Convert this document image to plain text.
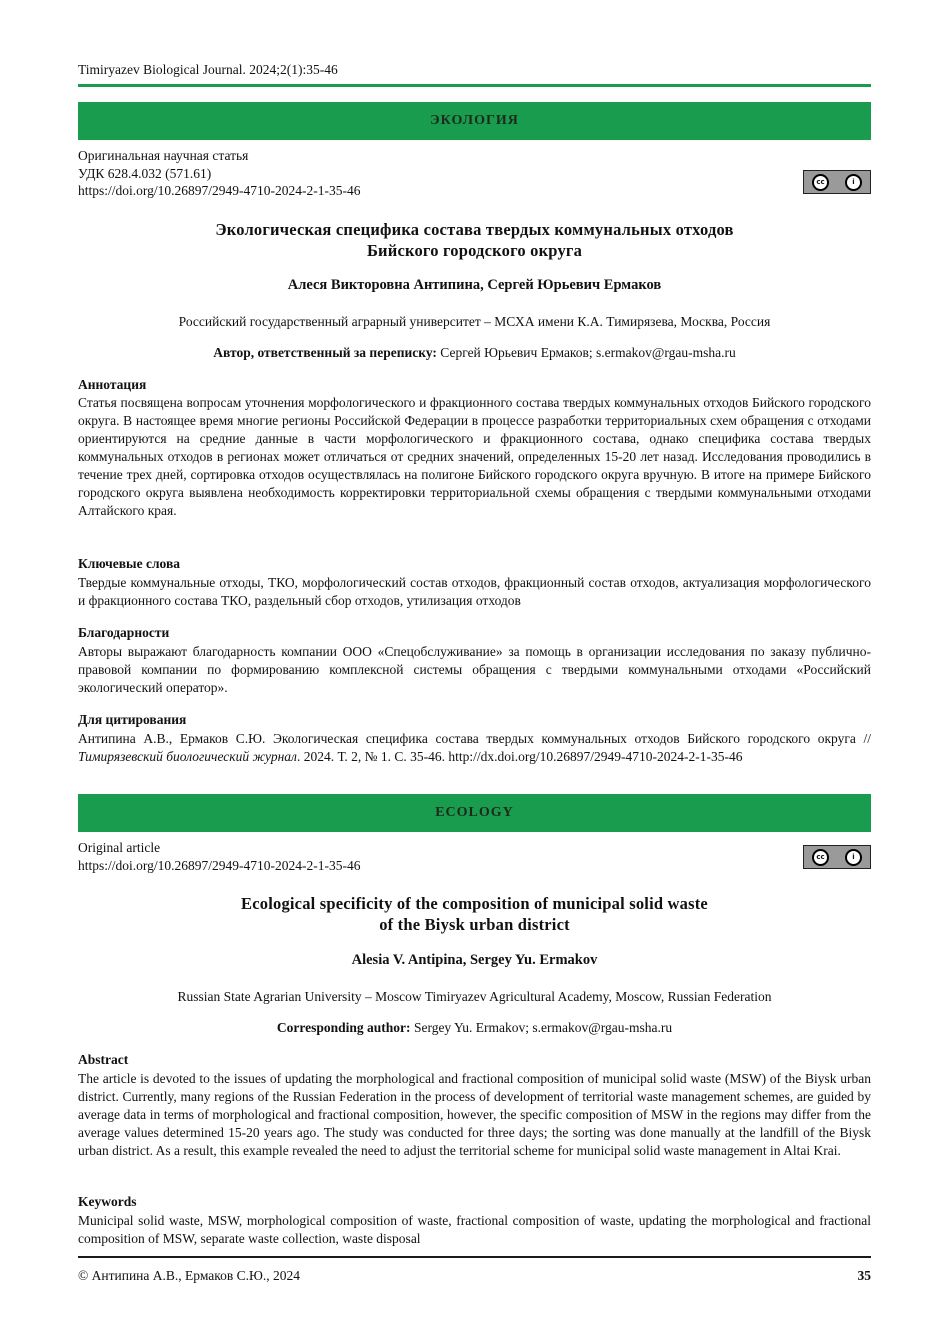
Timiryazev Biological Journal. 2024;2(1):35-46
ЭКОЛОГИЯ
Оригинальная научная статья
УДК 628.4.032 (571.61)
https://doi.org/10.26897/2949-4710-2024-2-1-35-46
cc	i
Экологическая специфика состава твердых коммунальных отходов
Бийского городского округа
Алеся Викторовна Антипина, Сергей Юрьевич Ермаков
Российский государственный аграрный университет – МСХА имени К.А. Тимирязева, Москва, Россия
Автор, ответственный за переписку: Сергей Юрьевич Ермаков; s.ermakov@rgau-msha.ru
Аннотация
Статья посвящена вопросам уточнения морфологического и фракционного состава твердых коммунальных отходов Бийского городского округа. В настоящее время многие регионы Российской Федерации в процессе разработки территориальных схем обращения с отходами ориентируются на средние данные в части морфологического и фракционного состава, однако специфика состава твердых коммунальных отходов в регионах может отличаться от средних значений, определенных 15-20 лет назад. Исследования проводились в течение трех дней, сортировка отходов осуществлялась на полигоне Бийского городского округа вручную. В итоге на примере Бийского городского округа выявлена необходимость корректировки территориальной схемы обращения с твердыми коммунальными отходами Алтайского края.
Ключевые слова
Твердые коммунальные отходы, ТКО, морфологический состав отходов, фракционный состав отходов, актуализация морфологического и фракционного состава ТКО, раздельный сбор отходов, утилизация отходов
Благодарности
Авторы выражают благодарность компании ООО «Спецобслуживание» за помощь в организации исследования по заказу публично-правовой компании по формированию комплексной системы обращения с твердыми коммунальными отходами «Российский экологический оператор».
Для цитирования
Антипина А.В., Ермаков С.Ю. Экологическая специфика состава твердых коммунальных отходов Бийского городского округа // Тимирязевский биологический журнал. 2024. Т. 2, № 1. С. 35-46. http://dx.doi.org/10.26897/2949-4710-2024-2-1-35-46
ECOLOGY
Original article
https://doi.org/10.26897/2949-4710-2024-2-1-35-46
cc	i
Ecological specificity of the composition of municipal solid waste
of the Biysk urban district
Alesia V. Antipina, Sergey Yu. Ermakov
Russian State Agrarian University – Moscow Timiryazev Agricultural Academy, Moscow, Russian Federation
Corresponding author: Sergey Yu. Ermakov; s.ermakov@rgau-msha.ru
Abstract
The article is devoted to the issues of updating the morphological and fractional composition of municipal solid waste (MSW) of the Biysk urban district. Currently, many regions of the Russian Federation in the process of development of territorial waste management schemes, are guided by average data in terms of morphological and fractional composition, however, the specific composition of MSW in the regions may differ from the average values determined 15-20 years ago. The study was conducted for three days; the sorting was done manually at the landfill of the Biysk urban district. As a result, this example revealed the need to adjust the territorial scheme for municipal solid waste management in Altai Krai.
Keywords
Municipal solid waste, MSW, morphological composition of waste, fractional composition of waste, updating the morphological and fractional composition of MSW, separate waste collection, waste disposal
© Антипина А.В., Ермаков С.Ю., 2024	35
